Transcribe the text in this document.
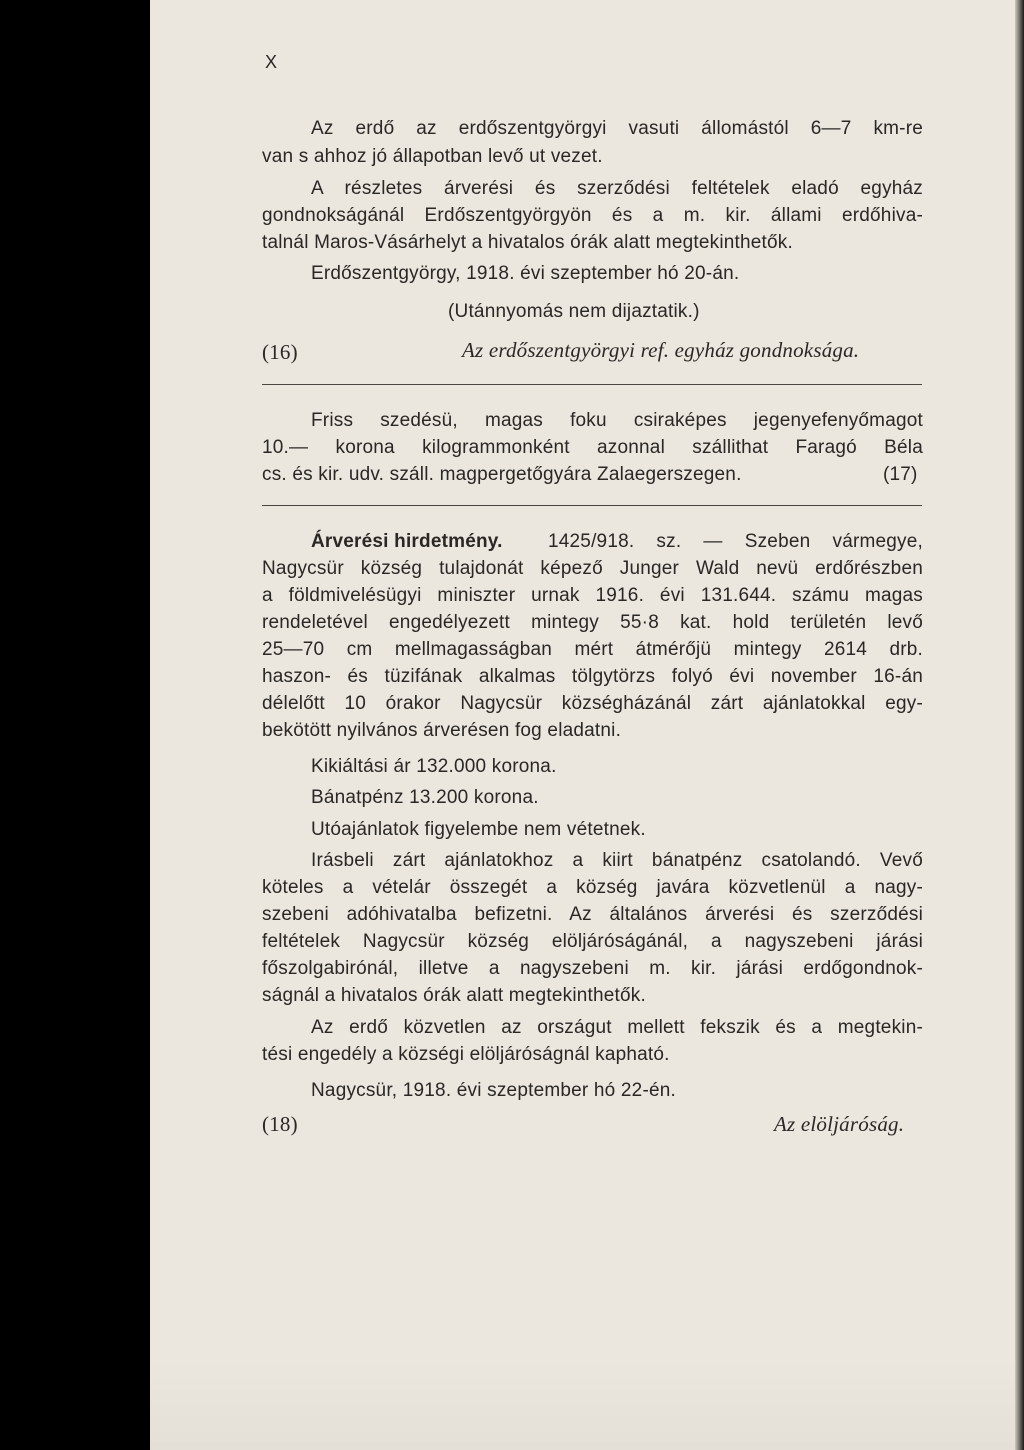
X
Az erdő az erdőszentgyörgyi vasuti állomástól 6—7 km-re
van s ahhoz jó állapotban levő ut vezet.
A részletes árverési és szerződési feltételek eladó egyház
gondnokságánál Erdőszentgyörgyön és a m. kir. állami erdőhiva-
talnál Maros-Vásárhelyt a hivatalos órák alatt megtekinthetők.
Erdőszentgyörgy, 1918. évi szeptember hó 20-án.
(Utánnyomás nem dijaztatik.)
(16)	Az erdőszentgyörgyi ref. egyház gondnoksága.
Friss szedésü, magas foku csiraképes jegenyefenyőmagot
10.— korona kilogrammonként azonnal szállithat Faragó Béla
cs. és kir. udv. száll. magpergetőgyára Zalaegerszegen.	(17)
Árverési hirdetmény. 1425/918. sz. — Szeben vármegye,
Nagycsür község tulajdonát képező Junger Wald nevü erdőrészben
a földmivelésügyi miniszter urnak 1916. évi 131.644. számu magas
rendeletével engedélyezett mintegy 55·8 kat. hold területén levő
25—70 cm mellmagasságban mért átmérőjü mintegy 2614 drb.
haszon- és tüzifának alkalmas tölgytörzs folyó évi november 16-án
délelőtt 10 órakor Nagycsür községházánál zárt ajánlatokkal egy-
bekötött nyilvános árverésen fog eladatni.
Kikiáltási ár 132.000 korona.
Bánatpénz 13.200 korona.
Utóajánlatok figyelembe nem vétetnek.
Irásbeli zárt ajánlatokhoz a kiirt bánatpénz csatolandó. Vevő
köteles a vételár összegét a község javára közvetlenül a nagy-
szebeni adóhivatalba befizetni. Az általános árverési és szerződési
feltételek Nagycsür község elöljáróságánál, a nagyszebeni járási
főszolgabirónál, illetve a nagyszebeni m. kir. járási erdőgondnok-
ságnál a hivatalos órák alatt megtekinthetők.
Az erdő közvetlen az országut mellett fekszik és a megtekin-
tési engedély a községi elöljáróságnál kapható.
Nagycsür, 1918. évi szeptember hó 22-én.
(18)	Az elöljáróság.
